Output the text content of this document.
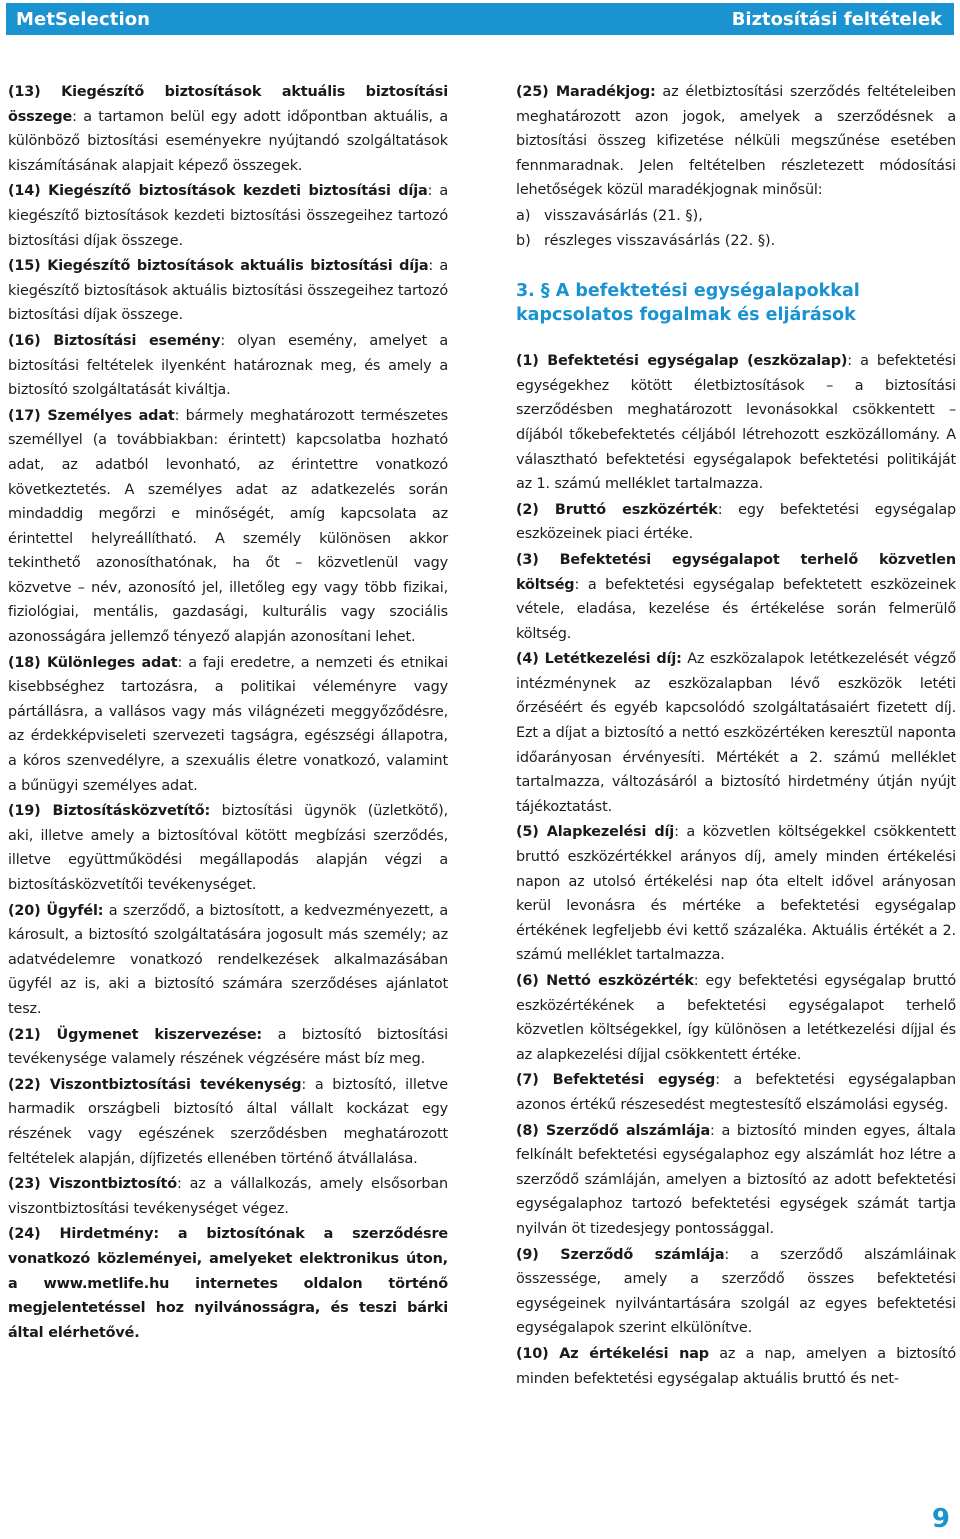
MetSelection	Biztosítási feltételek
(13) Kiegészítő biztosítások aktuális biztosítási összege: a tartamon belül egy adott időpontban aktuális, a különböző biztosítási eseményekre nyújtandó szolgáltatások kiszámításának alapjait képező összegek.
(14) Kiegészítő biztosítások kezdeti biztosítási díja: a kiegészítő biztosítások kezdeti biztosítási összegeihez tartozó biztosítási díjak összege.
(15) Kiegészítő biztosítások aktuális biztosítási díja: a kiegészítő biztosítások aktuális biztosítási összegeihez tartozó biztosítási díjak összege.
(16) Biztosítási esemény: olyan esemény, amelyet a biztosítási feltételek ilyenként határoznak meg, és amely a biztosító szolgáltatását kiváltja.
(17) Személyes adat: bármely meghatározott természetes személlyel (a továbbiakban: érintett) kapcsolatba hozható adat, az adatból levonható, az érintettre vonatkozó következtetés. A személyes adat az adatkezelés során mindaddig megőrzi e minőségét, amíg kapcsolata az érintettel helyreállítható. A személy különösen akkor tekinthető azonosíthatónak, ha őt – közvetlenül vagy közvetve – név, azonosító jel, illetőleg egy vagy több fizikai, fiziológiai, mentális, gazdasági, kulturális vagy szociális azonosságára jellemző tényező alapján azonosítani lehet.
(18) Különleges adat: a faji eredetre, a nemzeti és etnikai kisebbséghez tartozásra, a politikai véleményre vagy pártállásra, a vallásos vagy más világnézeti meggyőződésre, az érdekképviseleti szervezeti tagságra, egészségi állapotra, a kóros szenvedélyre, a szexuális életre vonatkozó, valamint a bűnügyi személyes adat.
(19) Biztosításközvetítő: biztosítási ügynök (üzletkötő), aki, illetve amely a biztosítóval kötött megbízási szerződés, illetve együttműködési megállapodás alapján végzi a biztosításközvetítői tevékenységet.
(20) Ügyfél: a szerződő, a biztosított, a kedvezményezett, a károsult, a biztosító szolgáltatására jogosult más személy; az adatvédelemre vonatkozó rendelkezések alkalmazásában ügyfél az is, aki a biztosító számára szerződéses ajánlatot tesz.
(21) Ügymenet kiszervezése: a biztosító biztosítási tevékenysége valamely részének végzésére mást bíz meg.
(22) Viszontbiztosítási tevékenység: a biztosító, illetve harmadik országbeli biztosító által vállalt kockázat egy részének vagy egészének szerződésben meghatározott feltételek alapján, díjfizetés ellenében történő átvállalása.
(23) Viszontbiztosító: az a vállalkozás, amely elsősorban viszontbiztosítási tevékenységet végez.
(24) Hirdetmény: a biztosítónak a szerződésre vonatkozó közleményei, amelyeket elektronikus úton, a www.metlife.hu internetes oldalon történő megjelentetéssel hoz nyilvánosságra, és teszi bárki által elérhetővé.
(25) Maradékjog: az életbiztosítási szerződés feltételeiben meghatározott azon jogok, amelyek a szerződésnek a biztosítási összeg kifizetése nélküli megszűnése esetében fennmaradnak. Jelen feltételben részletezett módosítási lehetőségek közül maradékjognak minősül:
a) visszavásárlás (21. §),
b) részleges visszavásárlás (22. §).
3. § A befektetési egységalapokkal kapcsolatos fogalmak és eljárások
(1) Befektetési egységalap (eszközalap): a befektetési egységekhez kötött életbiztosítások – a biztosítási szerződésben meghatározott levonásokkal csökkentett – díjából tőkebefektetés céljából létrehozott eszközállomány. A választható befektetési egységalapok befektetési politikáját az 1. számú melléklet tartalmazza.
(2) Bruttó eszközérték: egy befektetési egységalap eszközeinek piaci értéke.
(3) Befektetési egységalapot terhelő közvetlen költség: a befektetési egységalap befektetett eszközeinek vétele, eladása, kezelése és értékelése során felmerülő költség.
(4) Letétkezelési díj: Az eszközalapok letétkezelését végző intézménynek az eszközalapban lévő eszközök letéti őrzéséért és egyéb kapcsolódó szolgáltatásaiért fizetett díj. Ezt a díjat a biztosító a nettó eszközértéken keresztül naponta időarányosan érvényesíti. Mértékét a 2. számú melléklet tartalmazza, változásáról a biztosító hirdetmény útján nyújt tájékoztatást.
(5) Alapkezelési díj: a közvetlen költségekkel csökkentett bruttó eszközértékkel arányos díj, amely minden értékelési napon az utolsó értékelési nap óta eltelt idővel arányosan kerül levonásra és mértéke a befektetési egységalap értékének legfeljebb évi kettő százaléka. Aktuális értékét a 2. számú melléklet tartalmazza.
(6) Nettó eszközérték: egy befektetési egységalap bruttó eszközértékének a befektetési egységalapot terhelő közvetlen költségekkel, így különösen a letétkezelési díjjal és az alapkezelési díjjal csökkentett értéke.
(7) Befektetési egység: a befektetési egységalapban azonos értékű részesedést megtestesítő elszámolási egység.
(8) Szerződő alszámlája: a biztosító minden egyes, általa felkínált befektetési egységalaphoz egy alszámlát hoz létre a szerződő számláján, amelyen a biztosító az adott befektetési egységalaphoz tartozó befektetési egységek számát tartja nyilván öt tizedesjegy pontossággal.
(9) Szerződő számlája: a szerződő alszámláinak összessége, amely a szerződő összes befektetési egységeinek nyilvántartására szolgál az egyes befektetési egységalapok szerint elkülönítve.
(10) Az értékelési nap az a nap, amelyen a biztosító minden befektetési egységalap aktuális bruttó és net-
9
